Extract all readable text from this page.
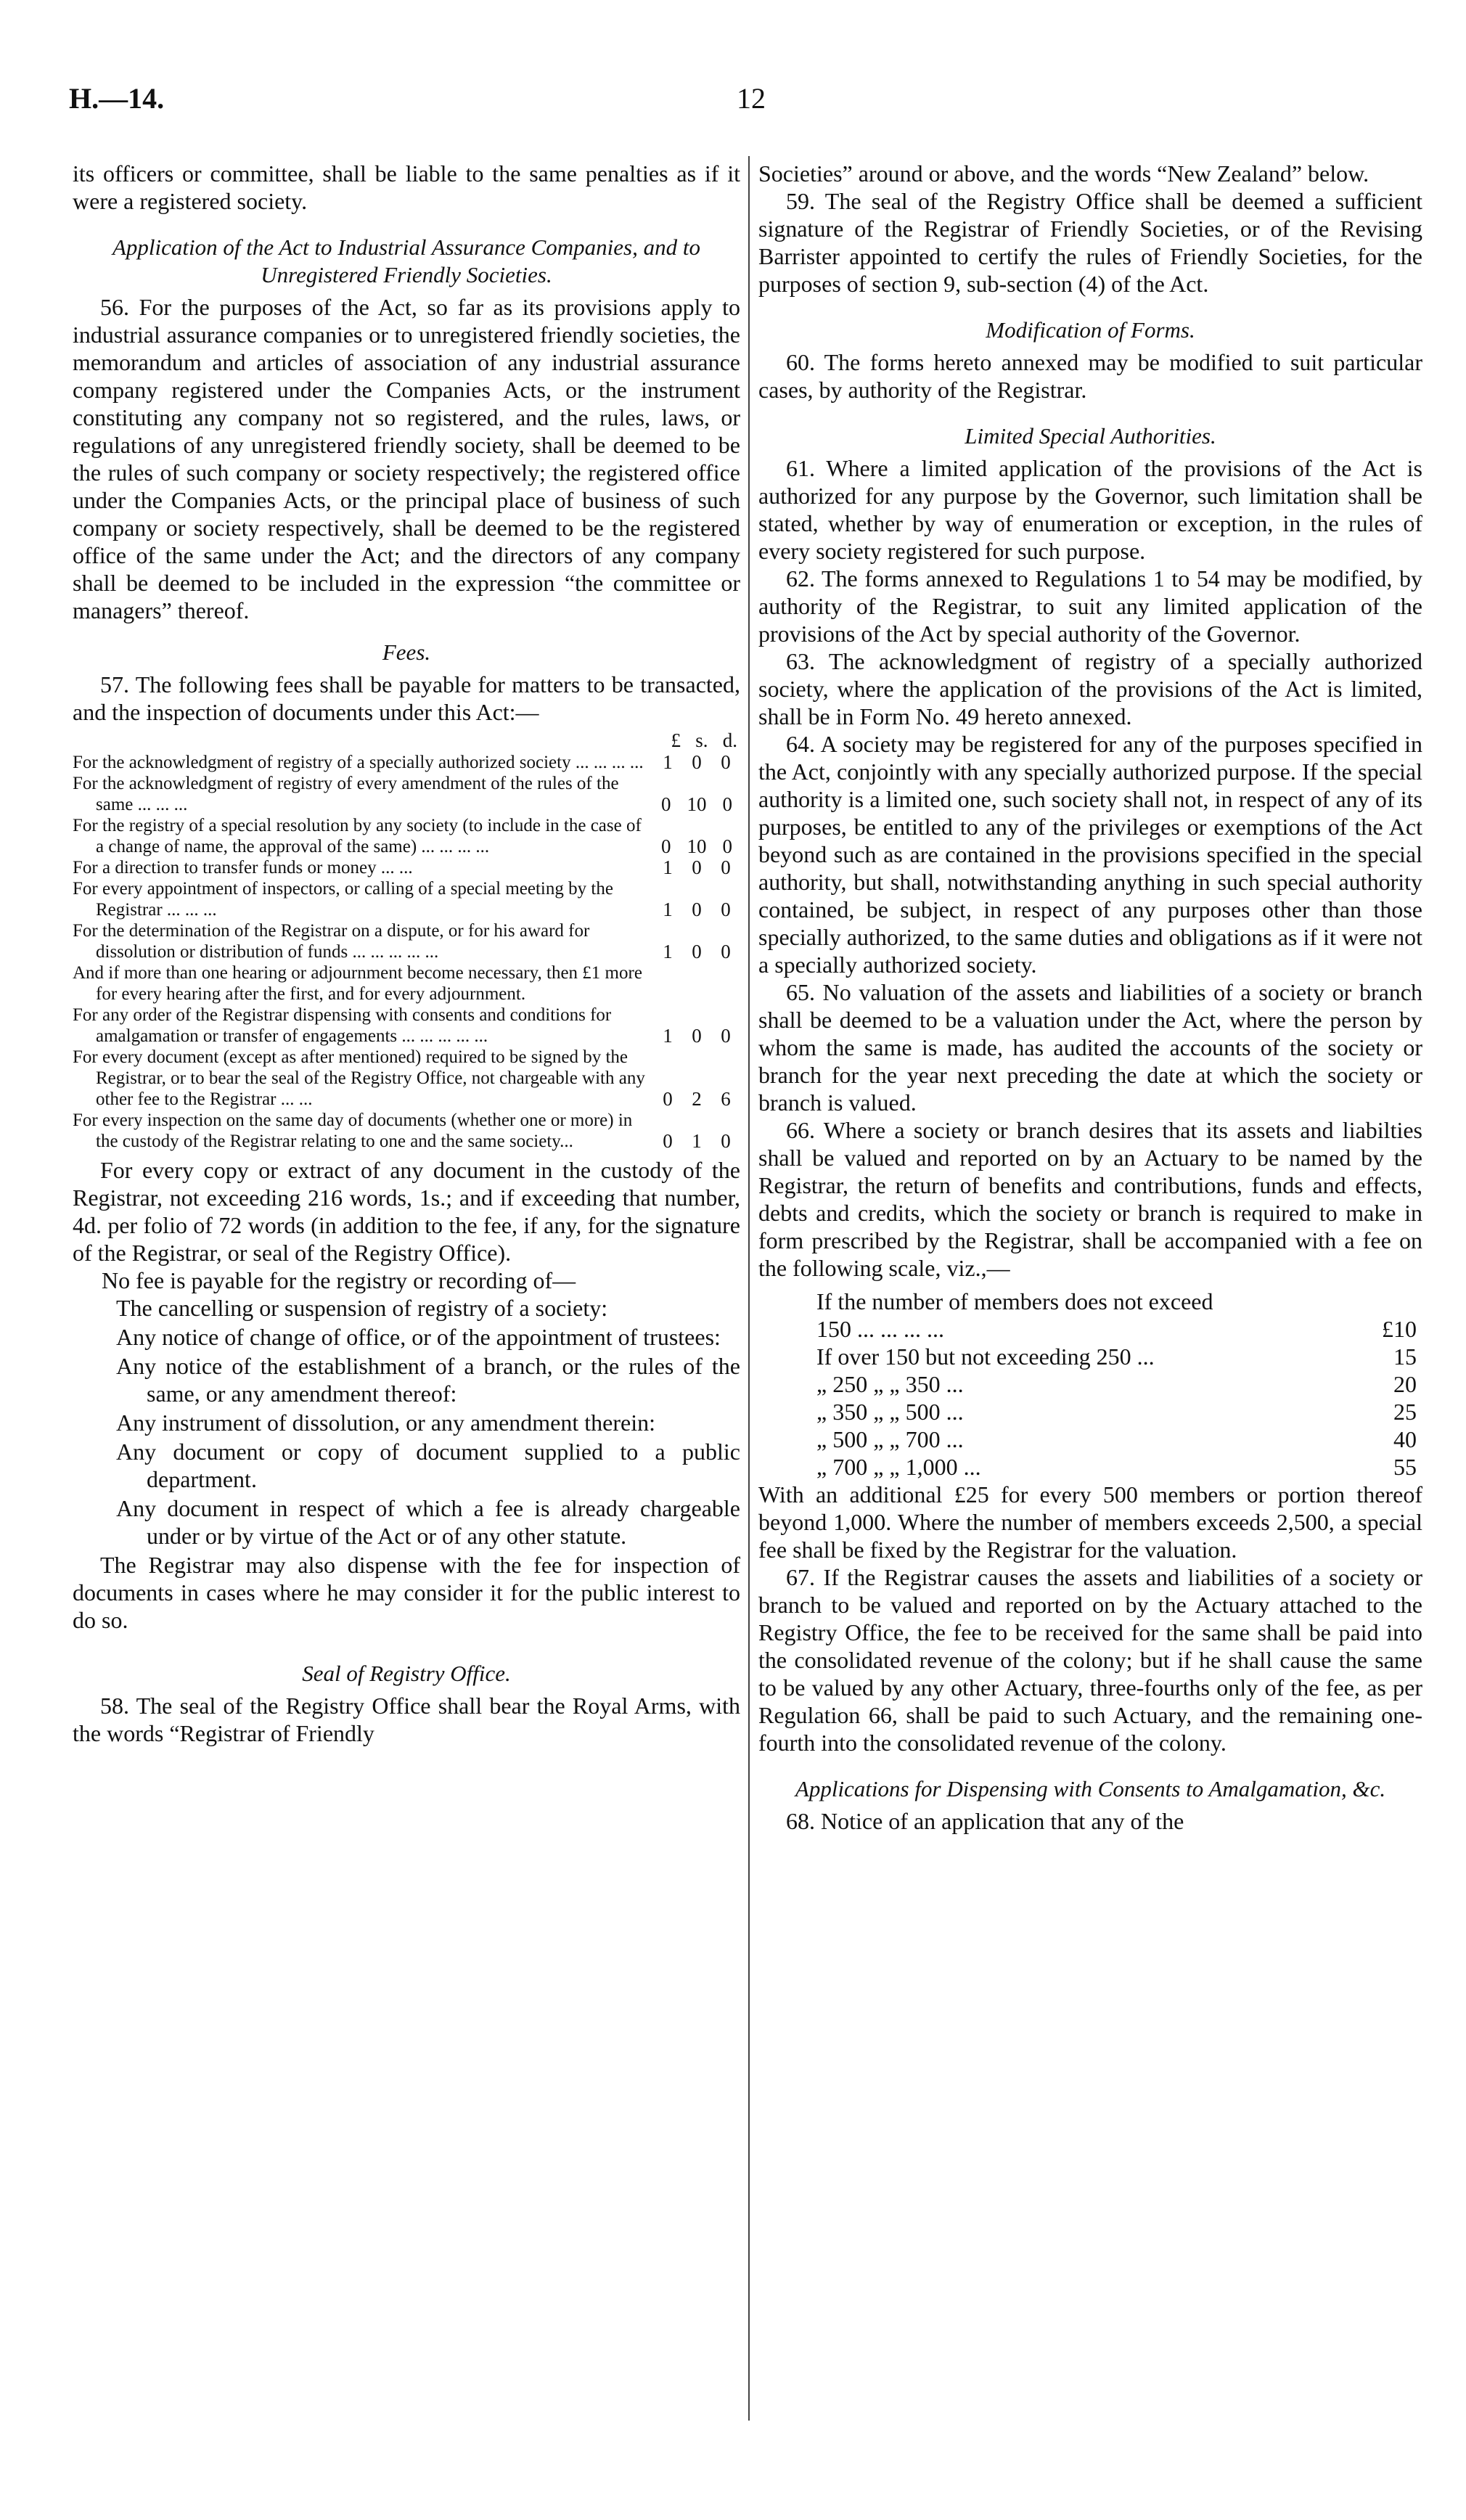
H.—14.	12

its officers or committee, shall be liable to the same penalties as if it were a registered society.

Application of the Act to Industrial Assurance Companies, and to Unregistered Friendly Societies.

56. For the purposes of the Act, so far as its provisions apply to industrial assurance companies or to unregistered friendly societies, the memorandum and articles of association of any industrial assurance company registered under the Companies Acts, or the instrument constituting any company not so registered, and the rules, laws, or regulations of any unregistered friendly society, shall be deemed to be the rules of such company or society respectively; the registered office under the Companies Acts, or the principal place of business of such company or society respectively, shall be deemed to be the registered office of the same under the Act; and the directors of any company shall be deemed to be included in the expression “the committee or managers” thereof.

Fees.

57. The following fees shall be payable for matters to be transacted, and the inspection of documents under this Act:—

£ s. d.
For the acknowledgment of registry of a specially authorized society ... ... ... ... 1 0 0
For the acknowledgment of registry of every amendment of the rules of the same ... ... ...	0 10 0
For the registry of a special resolution by any society (to include in the case of a change of name, the approval of the same) ... ... ... ...	0 10 0
For a direction to transfer funds or money ... ...	1 0 0
For every appointment of inspectors, or calling of a special meeting by the Registrar ... ... ...	1 0 0
For the determination of the Registrar on a dispute, or for his award for dissolution or distribution of funds ... ... ... ... ...	1 0 0
And if more than one hearing or adjournment become necessary, then £1 more for every hearing after the first, and for every adjournment.
For any order of the Registrar dispensing with consents and conditions for amalgamation or transfer of engagements ... ... ... ... ...	1 0 0
For every document (except as after mentioned) required to be signed by the Registrar, or to bear the seal of the Registry Office, not chargeable with any other fee to the Registrar ... ...	0 2 6
For every inspection on the same day of documents (whether one or more) in the custody of the Registrar relating to one and the same society...	0 1 0

For every copy or extract of any document in the custody of the Registrar, not exceeding 216 words, 1s.; and if exceeding that number, 4d. per folio of 72 words (in addition to the fee, if any, for the signature of the Registrar, or seal of the Registry Office).

No fee is payable for the registry or recording of—

The cancelling or suspension of registry of a society:

Any notice of change of office, or of the appointment of trustees:

Any notice of the establishment of a branch, or the rules of the same, or any amendment thereof:

Any instrument of dissolution, or any amendment therein:

Any document or copy of document supplied to a public department.

Any document in respect of which a fee is already chargeable under or by virtue of the Act or of any other statute.

The Registrar may also dispense with the fee for inspection of documents in cases where he may consider it for the public interest to do so.

Seal of Registry Office.

58. The seal of the Registry Office shall bear the Royal Arms, with the words “Registrar of Friendly

Societies” around or above, and the words “New Zealand” below.

59. The seal of the Registry Office shall be deemed a sufficient signature of the Registrar of Friendly Societies, or of the Revising Barrister appointed to certify the rules of Friendly Societies, for the purposes of section 9, sub-section (4) of the Act.

Modification of Forms.

60. The forms hereto annexed may be modified to suit particular cases, by authority of the Registrar.

Limited Special Authorities.

61. Where a limited application of the provisions of the Act is authorized for any purpose by the Governor, such limitation shall be stated, whether by way of enumeration or exception, in the rules of every society registered for such purpose.

62. The forms annexed to Regulations 1 to 54 may be modified, by authority of the Registrar, to suit any limited application of the provisions of the Act by special authority of the Governor.

63. The acknowledgment of registry of a specially authorized society, where the application of the provisions of the Act is limited, shall be in Form No. 49 hereto annexed.

64. A society may be registered for any of the purposes specified in the Act, conjointly with any specially authorized purpose. If the special authority is a limited one, such society shall not, in respect of any of its purposes, be entitled to any of the privileges or exemptions of the Act beyond such as are contained in the provisions specified in the special authority, but shall, notwithstanding anything in such special authority contained, be subject, in respect of any purposes other than those specially authorized, to the same duties and obligations as if it were not a specially authorized society.

65. No valuation of the assets and liabilities of a society or branch shall be deemed to be a valuation under the Act, where the person by whom the same is made, has audited the accounts of the society or branch for the year next preceding the date at which the society or branch is valued.

66. Where a society or branch desires that its assets and liabilties shall be valued and reported on by an Actuary to be named by the Registrar, the return of benefits and contributions, funds and effects, debts and credits, which the society or branch is required to make in form prescribed by the Registrar, shall be accompanied with a fee on the following scale, viz.,—

If the number of members does not exceed

150 ... ... ... ...	£10
If over 150 but not exceeding 250 ...	15
„ 250 „ „ 350 ...	20
„ 350 „ „ 500 ...	25
„ 500 „ „ 700 ...	40
„ 700 „ „ 1,000 ...	55

With an additional £25 for every 500 members or portion thereof beyond 1,000. Where the number of members exceeds 2,500, a special fee shall be fixed by the Registrar for the valuation.

67. If the Registrar causes the assets and liabilities of a society or branch to be valued and reported on by the Actuary attached to the Registry Office, the fee to be received for the same shall be paid into the consolidated revenue of the colony; but if he shall cause the same to be valued by any other Actuary, three-fourths only of the fee, as per Regulation 66, shall be paid to such Actuary, and the remaining one-fourth into the consolidated revenue of the colony.

Applications for Dispensing with Consents to Amalgamation, &c.

68. Notice of an application that any of the
